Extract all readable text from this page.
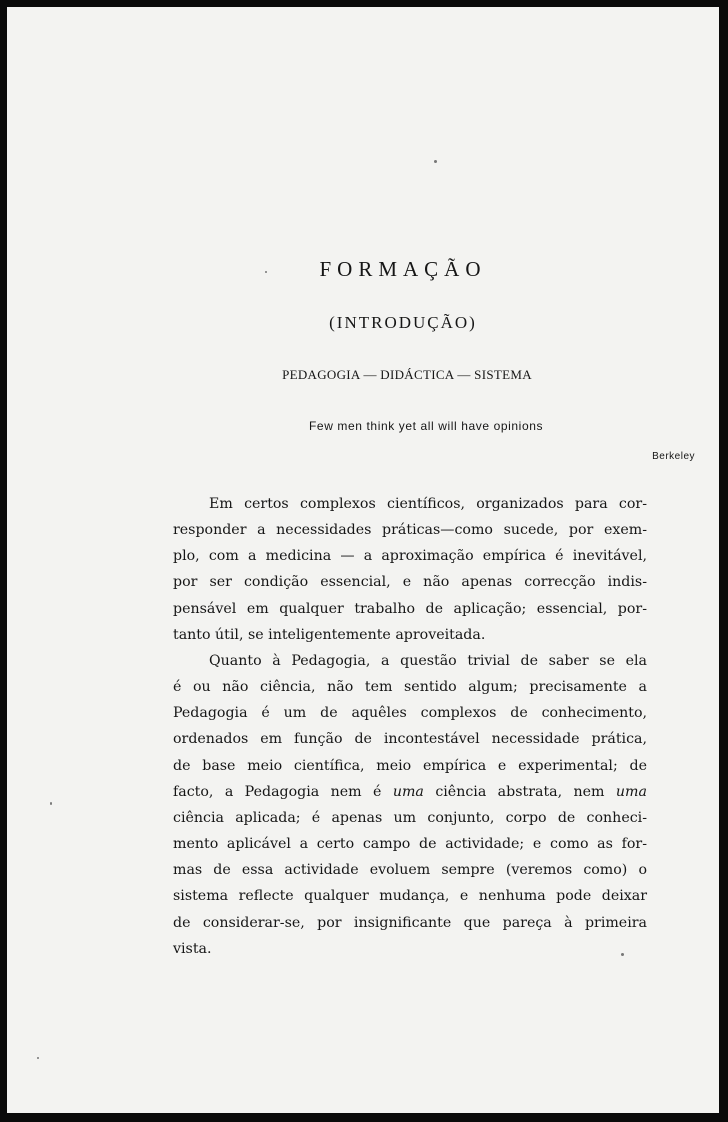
FORMAÇÃO
(INTRODUÇÃO)

PEDAGOGIA — DIDÁCTICA — SISTEMA

Few men think yet all will have opinions

Berkeley

Em certos complexos científicos, organizados para cor-
responder a necessidades práticas—como sucede, por exem-
plo, com a medicina — a aproximação empírica é inevitável,
por ser condição essencial, e não apenas correcção indis-
pensável em qualquer trabalho de aplicação; essencial, por-
tanto útil, se inteligentemente aproveitada.
Quanto à Pedagogia, a questão trivial de saber se ela
é ou não ciência, não tem sentido algum; precisamente a
Pedagogia é um de aquêles complexos de conhecimento,
ordenados em função de incontestável necessidade prática,
de base meio científica, meio empírica e experimental; de
facto, a Pedagogia nem é uma ciência abstrata, nem uma
ciência aplicada; é apenas um conjunto, corpo de conheci-
mento aplicável a certo campo de actividade; e como as for-
mas de essa actividade evoluem sempre (veremos como) o
sistema reflecte qualquer mudança, e nenhuma pode deixar
de considerar-se, por insignificante que pareça à primeira
vista.
